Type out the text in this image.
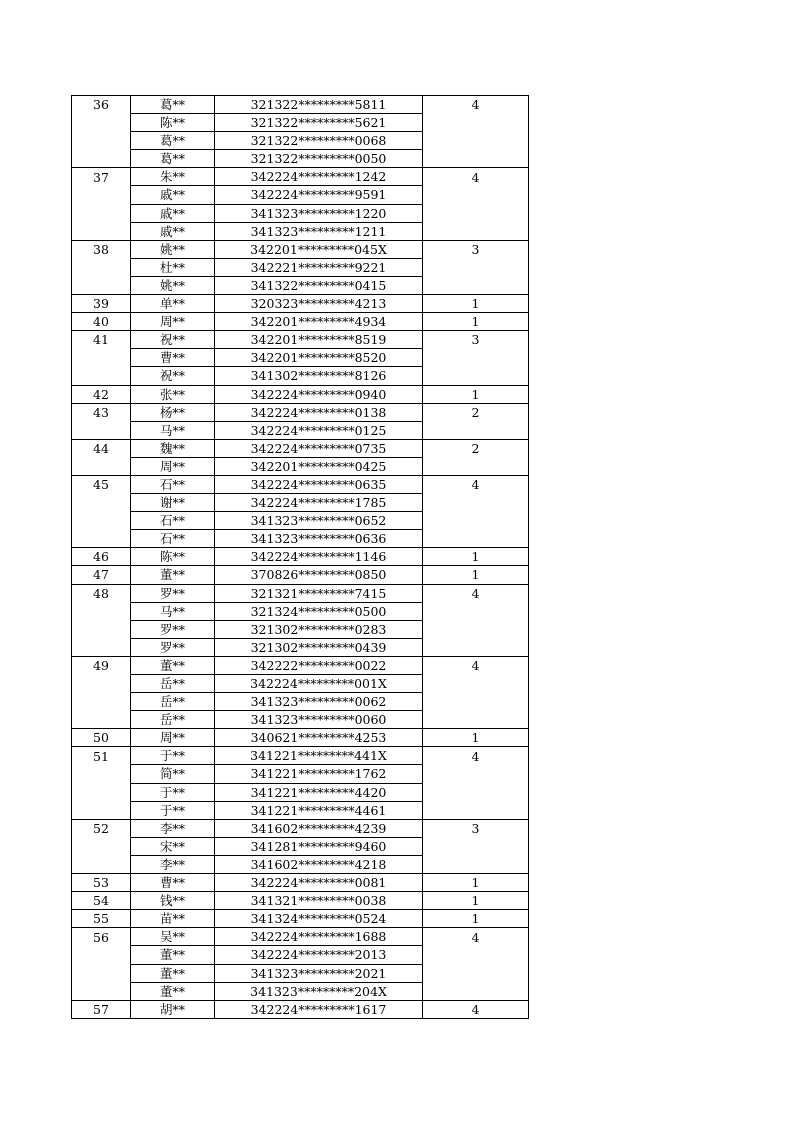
36	葛**	321322*********5811	4
	陈**	321322*********5621	
	葛**	321322*********0068	
	葛**	321322*********0050	
37	朱**	342224*********1242	4
	戚**	342224*********9591	
	戚**	341323*********1220	
	戚**	341323*********1211	
38	姚**	342201*********045X	3
	杜**	342221*********9221	
	姚**	341322*********0415	
39	单**	320323*********4213	1
40	周**	342201*********4934	1
41	祝**	342201*********8519	3
	曹**	342201*********8520	
	祝**	341302*********8126	
42	张**	342224*********0940	1
43	杨**	342224*********0138	2
	马**	342224*********0125	
44	魏**	342224*********0735	2
	周**	342201*********0425	
45	石**	342224*********0635	4
	谢**	342224*********1785	
	石**	341323*********0652	
	石**	341323*********0636	
46	陈**	342224*********1146	1
47	董**	370826*********0850	1
48	罗**	321321*********7415	4
	马**	321324*********0500	
	罗**	321302*********0283	
	罗**	321302*********0439	
49	董**	342222*********0022	4
	岳**	342224*********001X	
	岳**	341323*********0062	
	岳**	341323*********0060	
50	周**	340621*********4253	1
51	于**	341221*********441X	4
	简**	341221*********1762	
	于**	341221*********4420	
	于**	341221*********4461	
52	李**	341602*********4239	3
	宋**	341281*********9460	
	李**	341602*********4218	
53	曹**	342224*********0081	1
54	钱**	341321*********0038	1
55	苗**	341324*********0524	1
56	吴**	342224*********1688	4
	董**	342224*********2013	
	董**	341323*********2021	
	董**	341323*********204X	
57	胡**	342224*********1617	4
